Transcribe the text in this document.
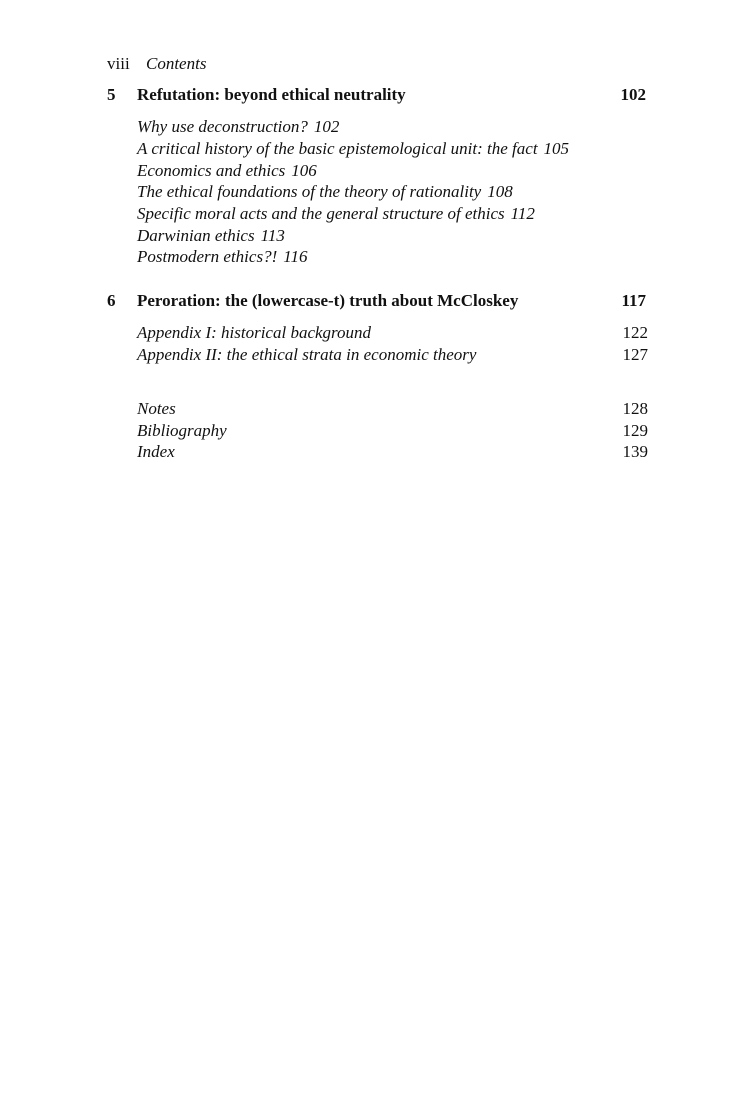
viii Contents
5 Refutation: beyond ethical neutrality	102
Why use deconstruction? 102
A critical history of the basic epistemological unit: the fact 105
Economics and ethics 106
The ethical foundations of the theory of rationality 108
Specific moral acts and the general structure of ethics 112
Darwinian ethics 113
Postmodern ethics?! 116
6 Peroration: the (lowercase-t) truth about McCloskey	117
Appendix I: historical background	122
Appendix II: the ethical strata in economic theory	127
Notes	128
Bibliography	129
Index	139
